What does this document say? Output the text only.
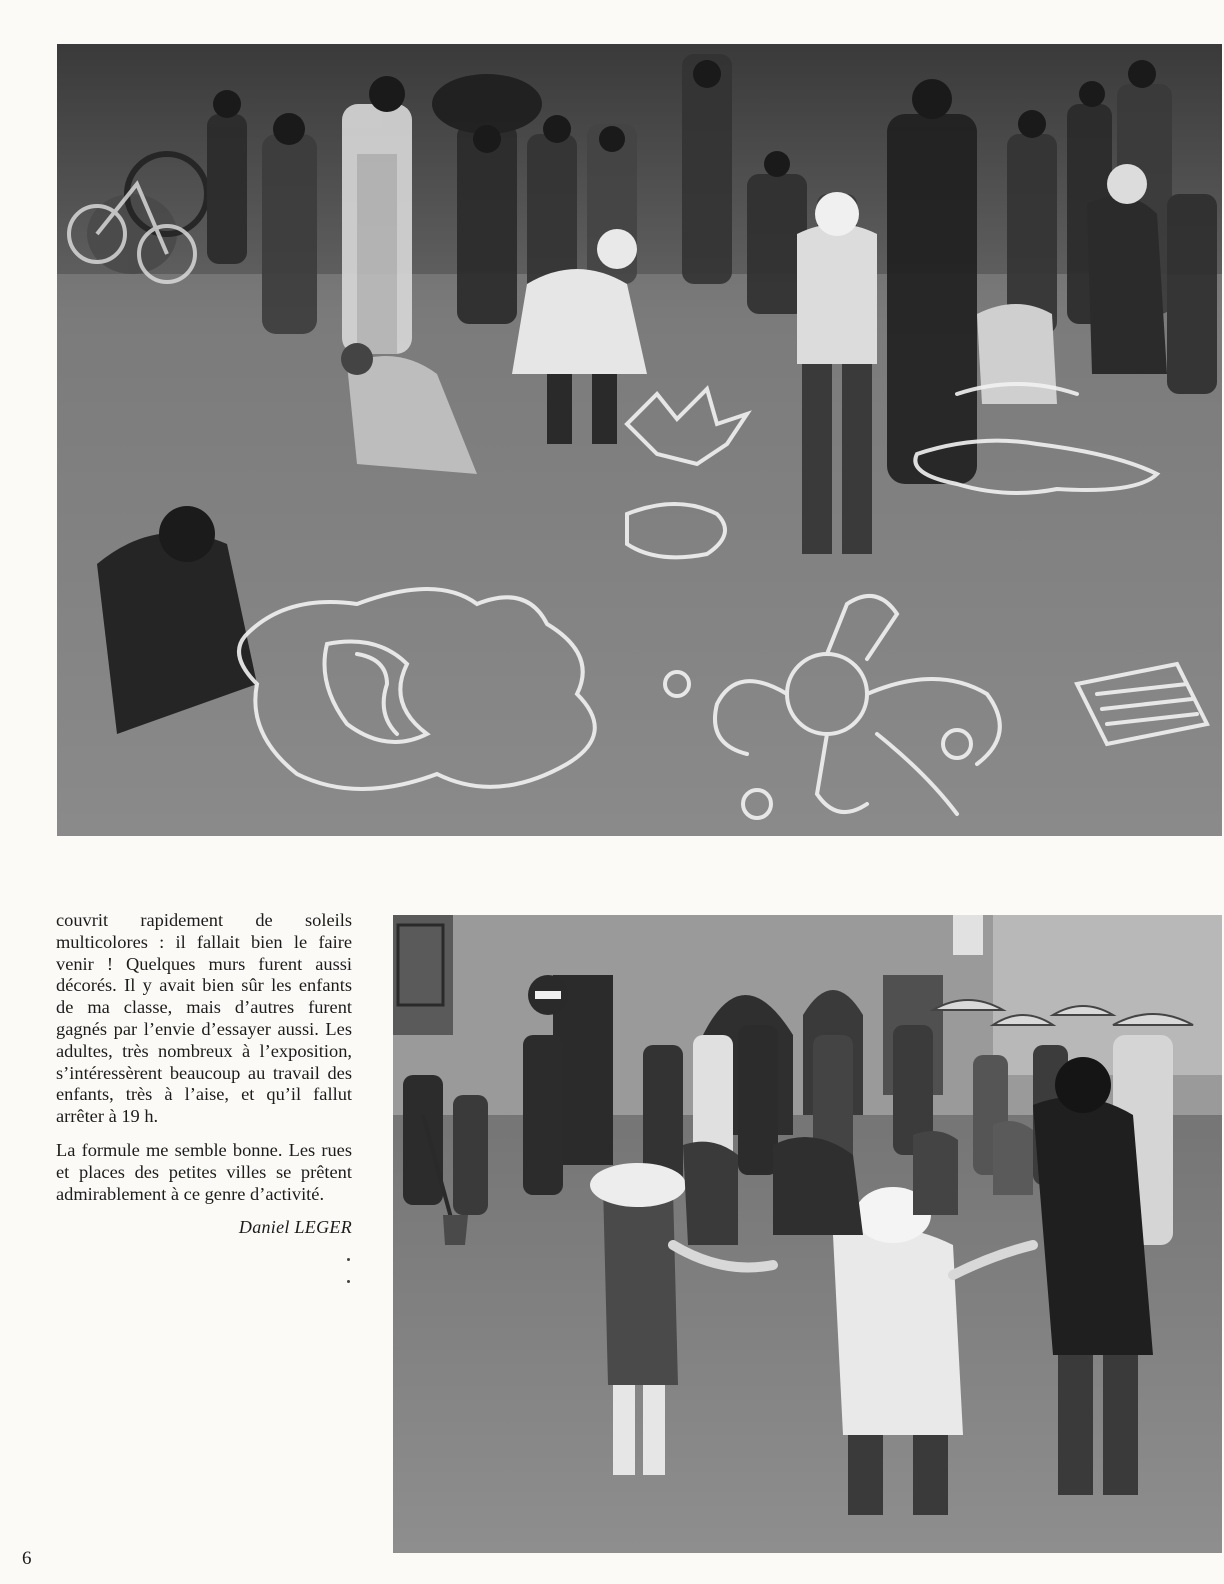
couvrit rapidement de soleils multicolores : il fallait bien le faire venir ! Quelques murs furent aussi décorés. Il y avait bien sûr les enfants de ma classe, mais d’autres furent gagnés par l’envie d’essayer aussi. Les adultes, très nombreux à l’exposition, s’intéressèrent beaucoup au travail des enfants, très à l’aise, et qu’il fallut arrêter à 19 h.

La formule me semble bonne. Les rues et places des petites villes se prêtent admirablement à ce genre d’activité.

Daniel LEGER
6
